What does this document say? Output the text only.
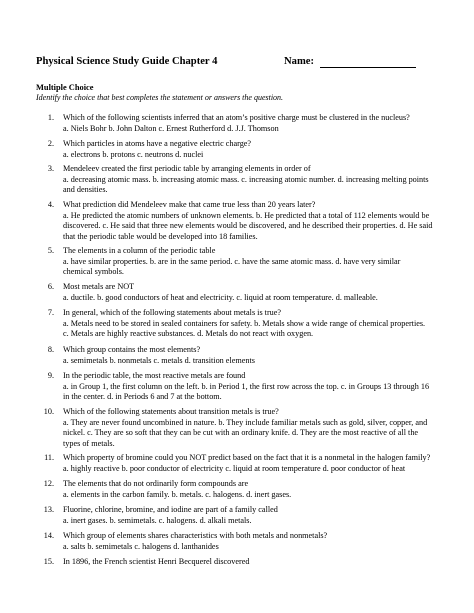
Physical Science Study Guide Chapter 4	Name:
Multiple Choice
Identify the choice that best completes the statement or answers the question.
1. Which of the following scientists inferred that an atom’s positive charge must be clustered in the nucleus?
a. Niels Bohr b. John Dalton c. Ernest Rutherford d. J.J. Thomson
2. Which particles in atoms have a negative electric charge?
a. electrons b. protons c. neutrons d. nuclei
3. Mendeleev created the first periodic table by arranging elements in order of
a. decreasing atomic mass. b. increasing atomic mass. c. increasing atomic number. d. increasing melting points
and densities.
4. What prediction did Mendeleev make that came true less than 20 years later?
a. He predicted the atomic numbers of unknown elements. b. He predicted that a total of 112 elements would be
discovered. c. He said that three new elements would be discovered, and he described their properties. d. He said
that the periodic table would be developed into 18 families.
5. The elements in a column of the periodic table
a. have similar properties. b. are in the same period. c. have the same atomic mass. d. have very similar
chemical symbols.
6. Most metals are NOT
a. ductile. b. good conductors of heat and electricity. c. liquid at room temperature. d. malleable.
7. In general, which of the following statements about metals is true?
a. Metals need to be stored in sealed containers for safety. b. Metals show a wide range of chemical properties.
c. Metals are highly reactive substances. d. Metals do not react with oxygen.
8. Which group contains the most elements?
a. semimetals b. nonmetals c. metals d. transition elements
9. In the periodic table, the most reactive metals are found
a. in Group 1, the first column on the left. b. in Period 1, the first row across the top. c. in Groups 13 through 16
in the center. d. in Periods 6 and 7 at the bottom.
10. Which of the following statements about transition metals is true?
a. They are never found uncombined in nature. b. They include familiar metals such as gold, silver, copper, and
nickel. c. They are so soft that they can be cut with an ordinary knife. d. They are the most reactive of all the
types of metals.
11. Which property of bromine could you NOT predict based on the fact that it is a nonmetal in the halogen family?
a. highly reactive b. poor conductor of electricity c. liquid at room temperature d. poor conductor of heat
12. The elements that do not ordinarily form compounds are
a. elements in the carbon family. b. metals. c. halogens. d. inert gases.
13. Fluorine, chlorine, bromine, and iodine are part of a family called
a. inert gases. b. semimetals. c. halogens. d. alkali metals.
14. Which group of elements shares characteristics with both metals and nonmetals?
a. salts b. semimetals c. halogens d. lanthanides
15. In 1896, the French scientist Henri Becquerel discovered
